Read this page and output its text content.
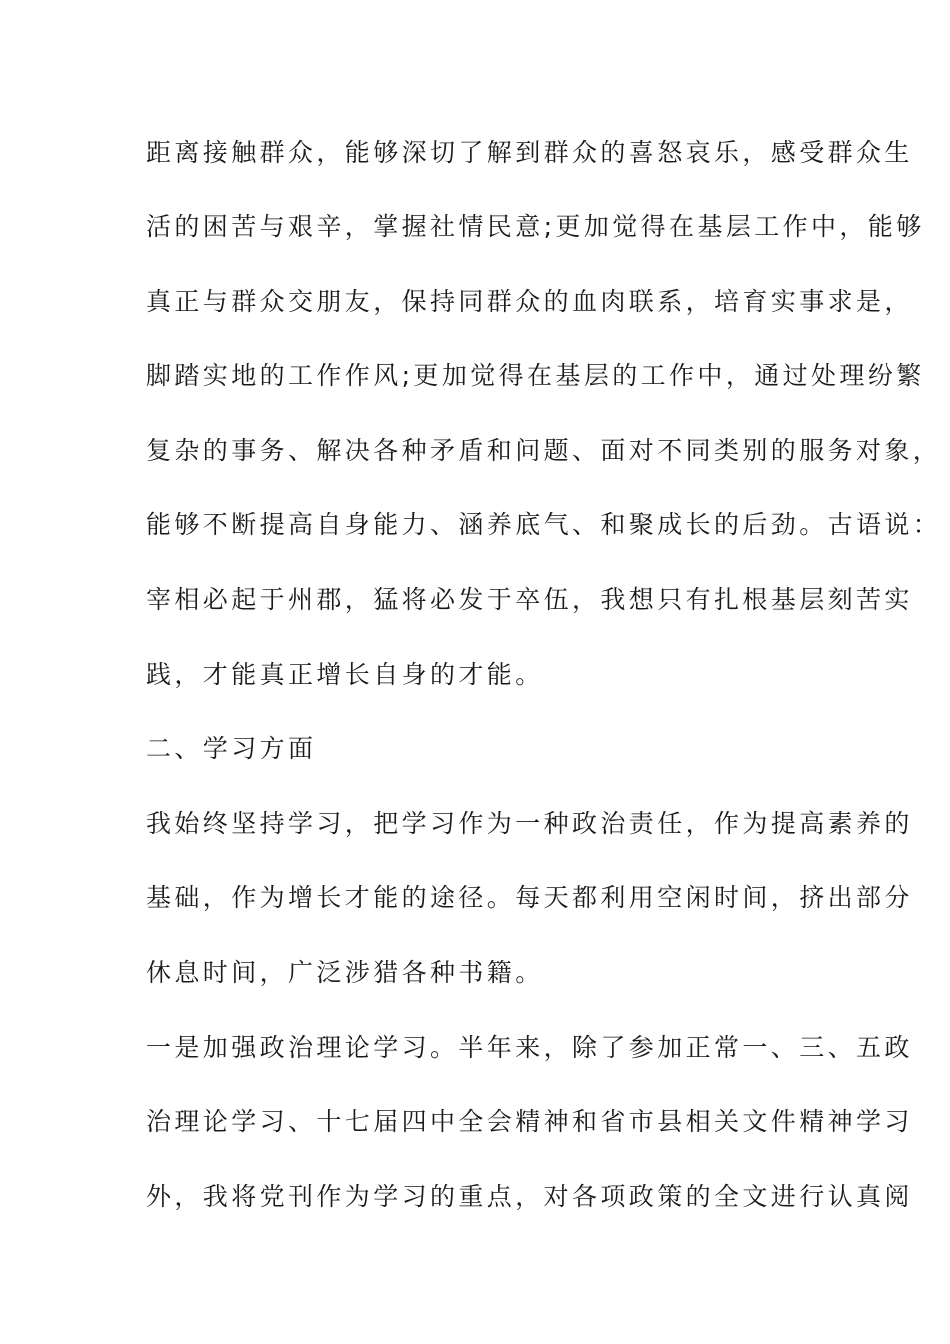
距离接触群众，能够深切了解到群众的喜怒哀乐，感受群众生
活的困苦与艰辛，掌握社情民意;更加觉得在基层工作中，能够
真正与群众交朋友，保持同群众的血肉联系，培育实事求是，
脚踏实地的工作作风;更加觉得在基层的工作中，通过处理纷繁
复杂的事务、解决各种矛盾和问题、面对不同类别的服务对象，
能够不断提高自身能力、涵养底气、和聚成长的后劲。古语说：
宰相必起于州郡，猛将必发于卒伍，我想只有扎根基层刻苦实
践，才能真正增长自身的才能。
二、学习方面
我始终坚持学习，把学习作为一种政治责任，作为提高素养的
基础，作为增长才能的途径。每天都利用空闲时间，挤出部分
休息时间，广泛涉猎各种书籍。
一是加强政治理论学习。半年来，除了参加正常一、三、五政
治理论学习、十七届四中全会精神和省市县相关文件精神学习
外，我将党刊作为学习的重点，对各项政策的全文进行认真阅
